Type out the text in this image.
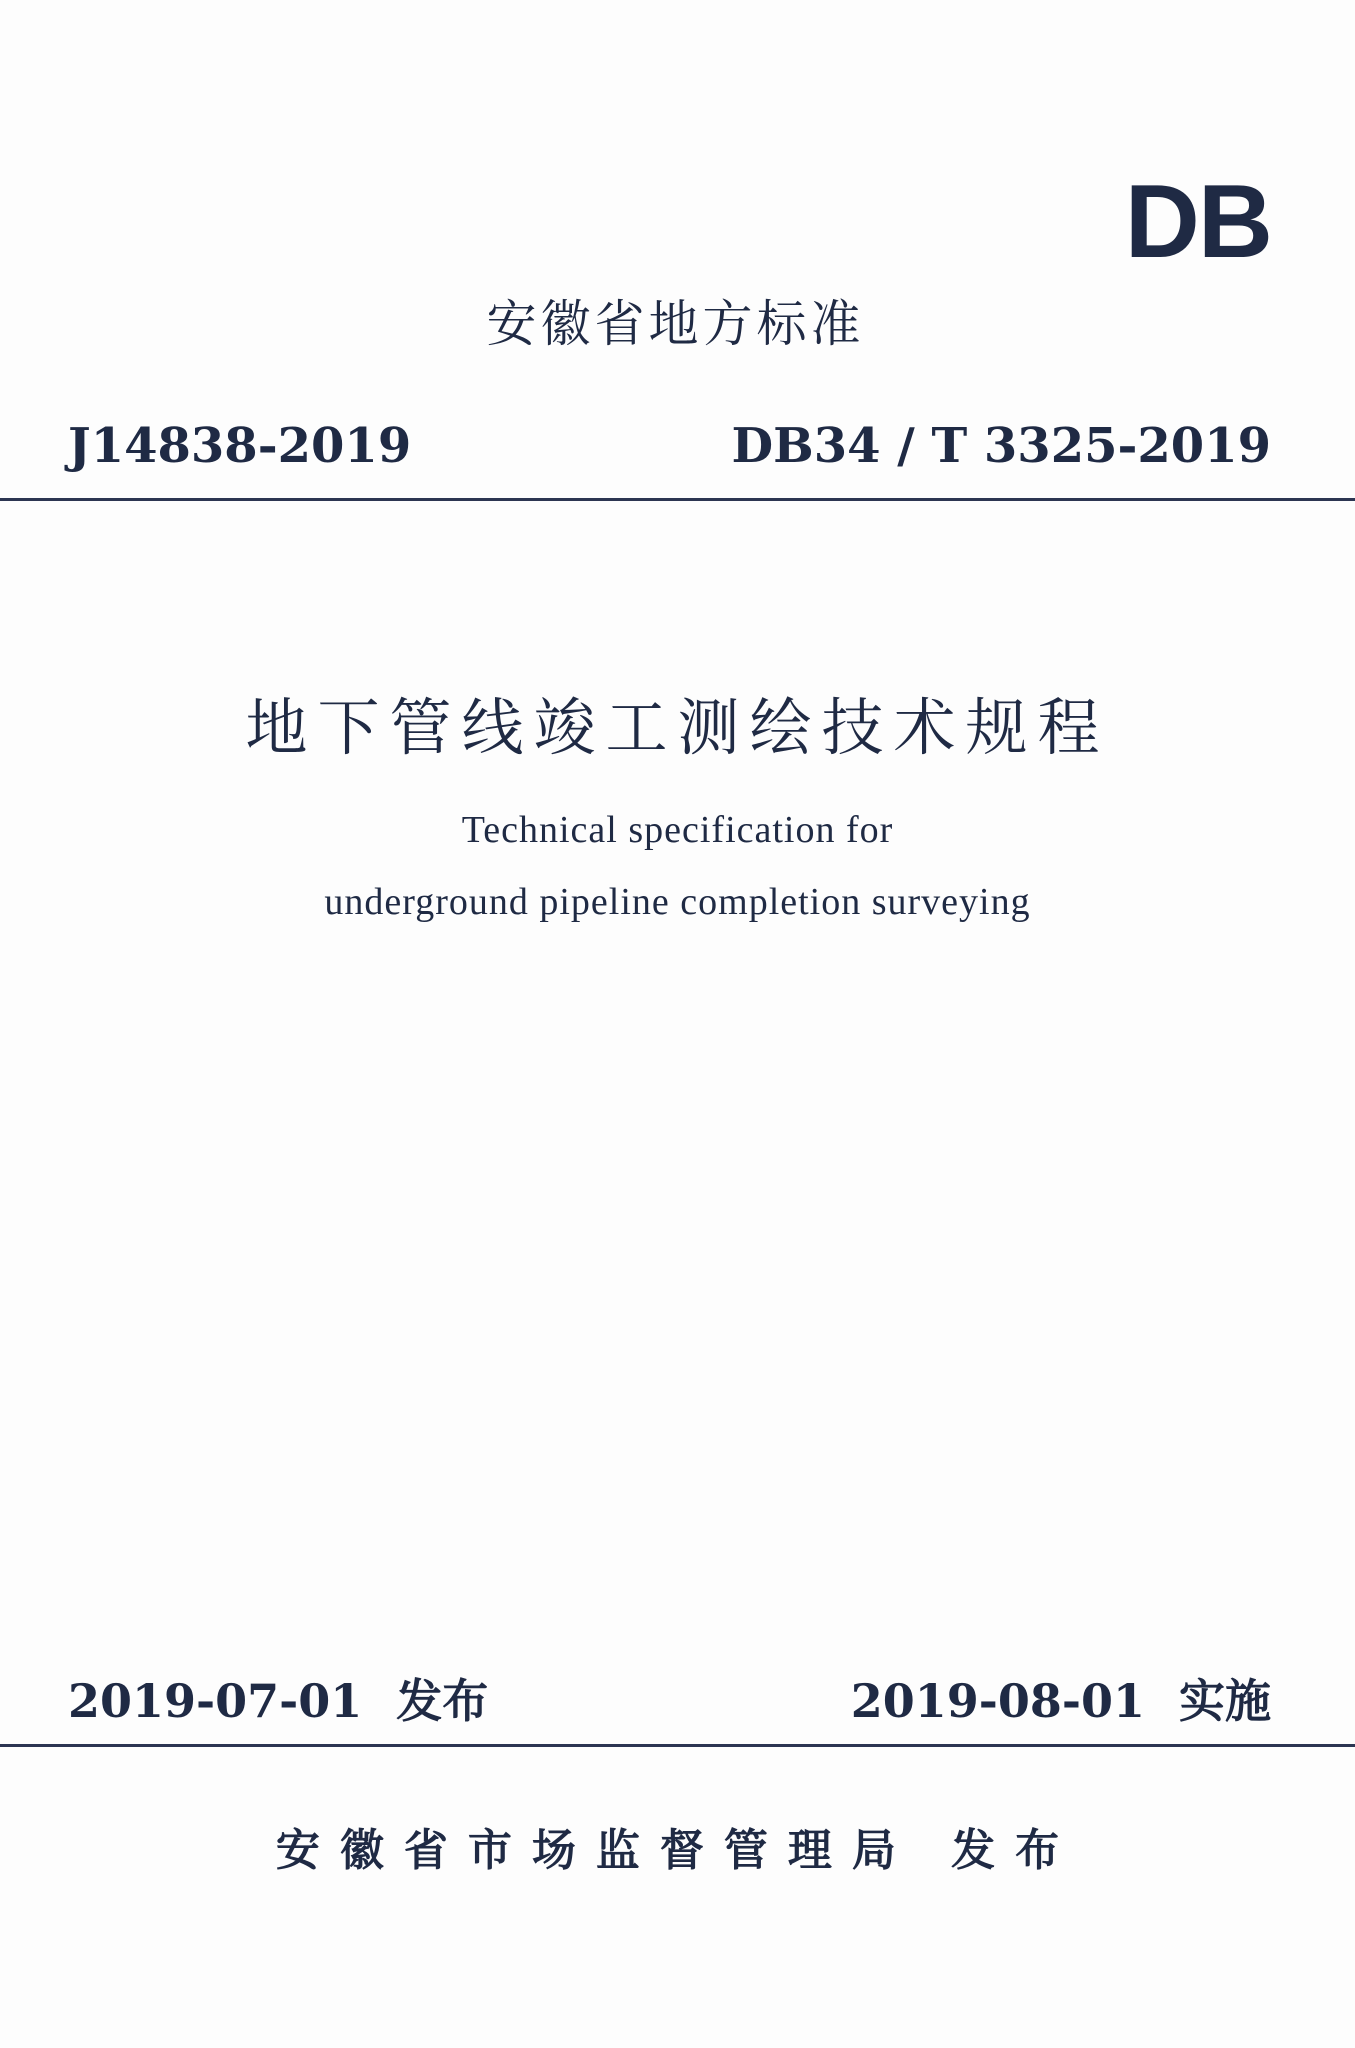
DB
安徽省地方标准
J14838-2019	DB34 / T 3325-2019
地下管线竣工测绘技术规程
Technical specification for
underground pipeline completion surveying
2019-07-01 发布	2019-08-01 实施
安徽省市场监督管理局 发布
